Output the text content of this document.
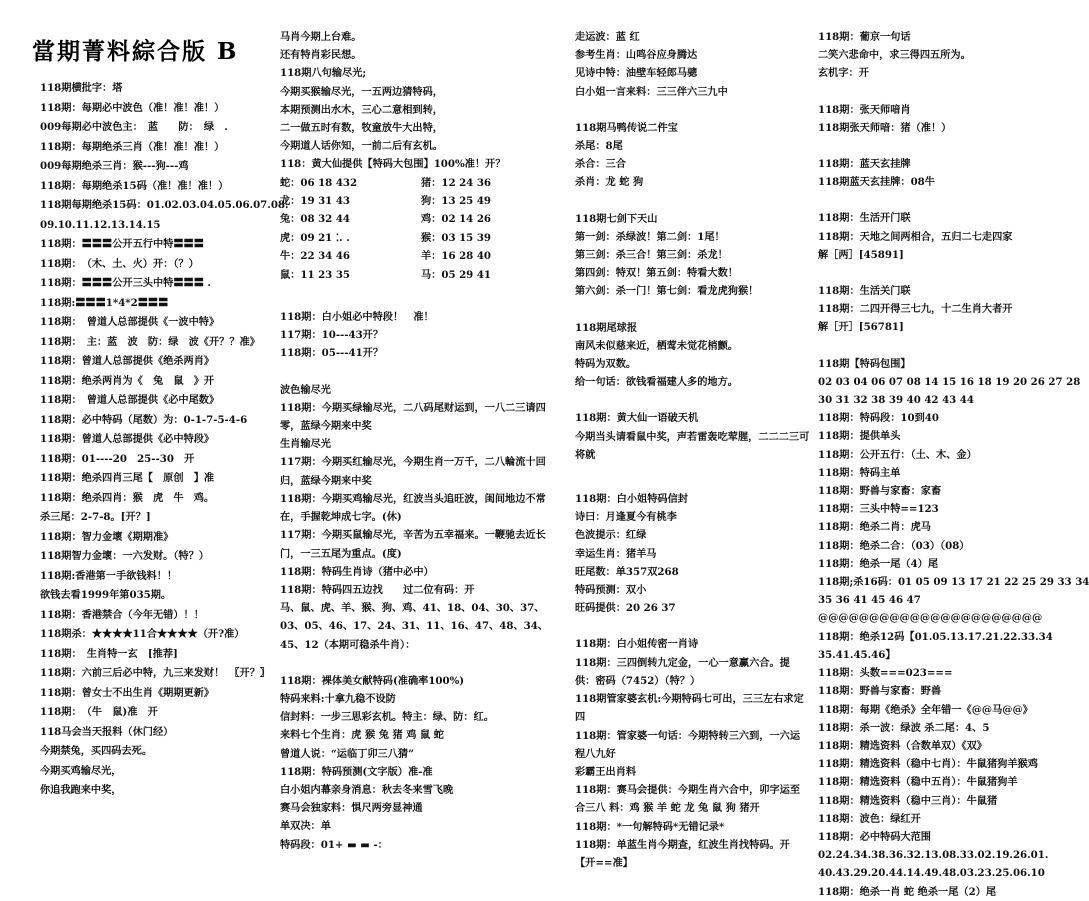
當期菁料綜合版 B
118期横批字：塔
118期：每期必中波色（准！准！准！）
009每期必中波色主：　蓝　　防：　绿　.
118期：每期绝杀三肖（准！准！准！）
009每期绝杀三肖：猴---狗---鸡
118期：每期绝杀15码（准！准！准！）
118期每期绝杀15码：01.02.03.04.05.06.07.08.
09.10.11.12.13.14.15
118期：〓〓〓公开五行中特〓〓〓
118期：　（木、土、火）开：（？）
118期：〓〓〓公开三头中特〓〓〓 .
118期:〓〓〓1*4*2〓〓〓
118期：　曾道人总部提供《一波中特》
118期：　主：蓝　波　防：绿　波《开？？准》
118期：曾道人总部提供《绝杀两肖》
118期：绝杀两肖为《　兔　鼠　》开
118期：　曾道人总部提供《必中尾数》
118期：必中特码（尾数）为：0-1-7-5-4-6
118期：曾道人总部提供《必中特段》
118期：01----20　25--30　开
118期：绝杀四肖三尾【　原创　】准
118期：绝杀四肖：猴　虎　牛　鸡。
杀三尾：2-7-8。[开？]
118期：智力金壞《期期准》
118期智力金壞：一六发财。（特？）
118期:香港第一手欲钱料！！
欲钱去看1999年第035期。
118期：香港禁合（今年无错）！！
118期杀：★★★★11合★★★★（开?准）
118期：　生肖特一玄　[推荐]
118期：六前三后必中特，九三来发财！　〖开？〗
118期：曾女士不出生肖《期期更新》
118期：　（牛　鼠)准　开
118马会当天报料（休门经）
今期禁兔，买四码去死。
今期买鸡输尽光，
你追我跑来中奖，
马肖今期上台难。
还有特肖彩民想。
118期八句输尽光;
今期买猴输尽光，一五两边猜特码，
本期预测出水木，三心二意相到转，
二一做五时有数，牧童放牛大出特，
今期道人话你知，一前二后有玄机。
118：黄大仙提供【特码大包围】100%准！开？
蛇：06 18 432
龙：19 31 43
兔：08 32 44
虎：09 21 ⁚. .
牛：22 34 46
鼠：11 23 35
猪：12 24 36
狗：13 25 49
鸡：02 14 26
猴：03 15 39
羊：16 28 40
马：05 29 41
118期：白小姐必中特段！　准！
117期：10---43开？
118期：05---41开？
波色输尽光
118期：今期买绿输尽光，二八码尾财运到，一八二三请四零，蓝绿今期来中奖
生肖输尽光
117期：今期买红输尽光，今期生肖一万千，二八輪流十回归，蓝绿今期来中奖
118期：今期买鸡输尽光，红波当头追旺波，闺间地边不常在，手握乾坤成七字。(休)
117期：今期买鼠输尽光，辛苦为五幸福来。一鞭驰去近长门，一三五尾为重点。(度)
118期：特码生肖诗（猪中必中）
118期：特码四五边找　　过二位有码：开
马、鼠、虎、羊、猴、狗、鸡、41、18、04、30、37、03、05、46、17、24、31、11、16、47、48、34、45、12（本期可稳杀牛肖）：
118期：裸体美女献特码(准确率100%)
特码来料:十拿九稳不设防
信封料：一步三思彩玄机。特主：绿、防：红。
来料七个生肖：虎 猴 兔 猪 鸡 鼠 蛇
曾道人说：“运临丁卯三八猜”
118期：特码预测(文字版）准-准
白小姐内幕亲身消息：秋去冬来雪飞晚
赛马会独家料：惧尺两旁显神通
单双决：单
特码段：01+ ▬ ▬ -：
走运波：蓝 红
参考生肖：山鸣谷应身腾达
见诗中特：油壁车轻郎马骢
白小姐一言来料：三三伴六三九中
118期马鸭传说二件宝
杀尾：8尾
杀合：三合
杀肖：龙 蛇 狗
118期七剑下天山
第一剑：杀绿波！第二剑：1尾！
第三剑：杀三合！第三剑：杀龙！
第四剑：特双！第五剑：特看大数！
第六剑：杀一门！第七剑：看龙虎狗猴！
118期尾球报
南风未似慈来近，栖莺未觉花梢颤。
特码为双数。
给一句话：欲钱看福建人多的地方。
118期：黄大仙一语破天机
今期当头请看鼠中奖，声若雷轰吃荤腥，二二二三可将就
118期：白小姐特码信封
诗曰：月逢夏今有桃李
色波提示：红绿
幸运生肖：猪羊马
旺尾数：单357双268
特码预测：双小
旺码提供：20 26 37
118期：白小姐传密一肖诗
118期：三四倒转九定金，一心一意赢六合。提供：密码（7452）（特？）
118期管家婆玄机:今期特码七可出，三三左右求定四
118期：管家婆一句话：今期特转三六到，一六运程八九好
彩霸王出肖料
118期：赛马会提供：今期生肖六合中，卯字运至合三八 料：鸡 猴 羊 蛇 龙 兔 鼠 狗 猪开
118期：*一句解特码*无错记录*
118期：单蓝生肖今期查，红波生肖找特码。开【开==准】
118期：葡京一句话
二笑六悲命中，求三得四五所为。
玄机字：开
118期：张天师喑肖
118期张天师喑：猪（准！）
118期：蓝天玄挂牌
118期蓝天玄挂牌：08牛
118期：生活开门联
118期：天地之间两相合，五归二七走四家
解［两］[45891]
118期：生活关门联
118期：二四开得三七九，十二生肖大者开
解［开］[56781]
118期【特码包围】
02 03 04 06 07 08 14 15 16 18 19 20 26 27 28
30 31 32 38 39 40 42 43 44
118期：特码段：10到40
118期：提供单头
118期：公开五行：（土、木、金）
118期：特码主单
118期：野兽与家畜：家畜
118期：三头中特==123
118期：绝杀二肖：虎马
118期：绝杀二合：（03）（08）
118期：绝杀一尾（4）尾
118期;杀16码：01 05 09 13 17 21 22 25 29 33 34
35 36 41 45 46 47
@@@@@@@@@@@@@@@@@@@@@@
118期：绝杀12码【01.05.13.17.21.22.33.34
35.41.45.46】
118期：头数===023===
118期：野兽与家畜：野兽
118期：每期《绝杀》全年错一《@@马@@》
118期：杀一波：绿波 杀二尾：4、5
118期：精选资料（合数单双）《双》
118期：精选资料（稳中七肖）：牛鼠猪狗羊猴鸡
118期：精选资料（稳中五肖）：牛鼠猪狗羊
118期：精选资料（稳中三肖）：牛鼠猪
118期：波色：绿红开
118期：必中特码大范围
02.24.34.38.36.32.13.08.33.02.19.26.01.
40.43.29.20.44.14.49.48.03.23.25.06.10
118期：绝杀一肖 蛇 绝杀一尾（2）尾
